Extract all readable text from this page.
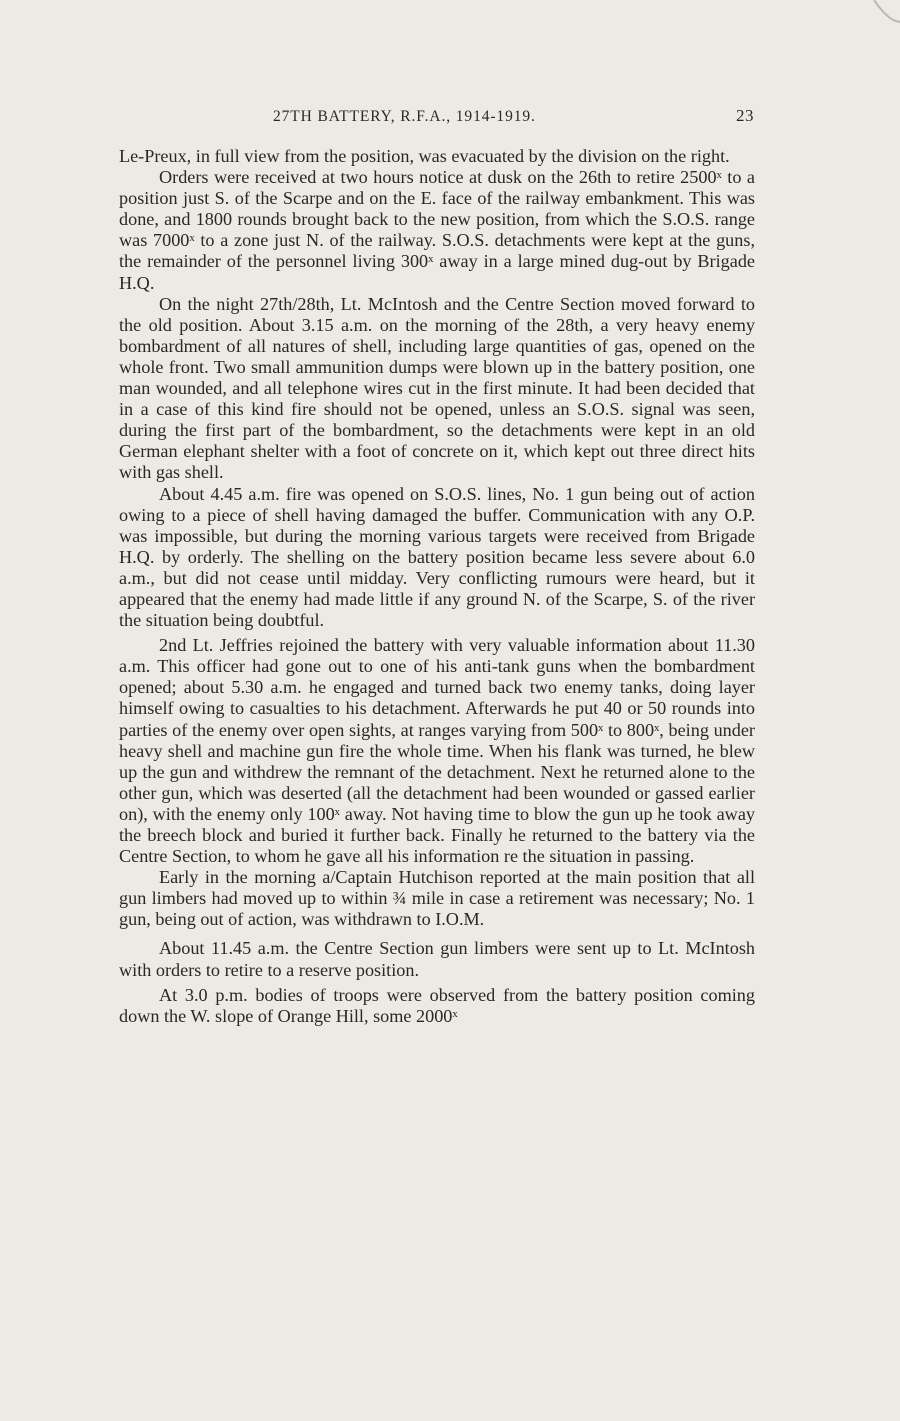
27TH BATTERY, R.F.A., 1914-1919.	23

Le-Preux, in full view from the position, was evacuated by the division on the right.

Orders were received at two hours notice at dusk on the 26th to retire 2500ˣ to a position just S. of the Scarpe and on the E. face of the railway embankment. This was done, and 1800 rounds brought back to the new position, from which the S.O.S. range was 7000ˣ to a zone just N. of the railway. S.O.S. detachments were kept at the guns, the remainder of the personnel living 300ˣ away in a large mined dug-out by Brigade H.Q.

On the night 27th/28th, Lt. McIntosh and the Centre Section moved forward to the old position. About 3.15 a.m. on the morning of the 28th, a very heavy enemy bombardment of all natures of shell, including large quantities of gas, opened on the whole front. Two small ammunition dumps were blown up in the battery position, one man wounded, and all telephone wires cut in the first minute. It had been decided that in a case of this kind fire should not be opened, unless an S.O.S. signal was seen, during the first part of the bombardment, so the detachments were kept in an old German elephant shelter with a foot of concrete on it, which kept out three direct hits with gas shell.

About 4.45 a.m. fire was opened on S.O.S. lines, No. 1 gun being out of action owing to a piece of shell having damaged the buffer. Communication with any O.P. was impossible, but during the morning various targets were received from Brigade H.Q. by orderly. The shelling on the battery position became less severe about 6.0 a.m., but did not cease until midday. Very conflicting rumours were heard, but it appeared that the enemy had made little if any ground N. of the Scarpe, S. of the river the situation being doubtful.

2nd Lt. Jeffries rejoined the battery with very valuable information about 11.30 a.m. This officer had gone out to one of his anti-tank guns when the bombardment opened; about 5.30 a.m. he engaged and turned back two enemy tanks, doing layer himself owing to casualties to his detachment. Afterwards he put 40 or 50 rounds into parties of the enemy over open sights, at ranges varying from 500ˣ to 800ˣ, being under heavy shell and machine gun fire the whole time. When his flank was turned, he blew up the gun and withdrew the remnant of the detachment. Next he returned alone to the other gun, which was deserted (all the detachment had been wounded or gassed earlier on), with the enemy only 100ˣ away. Not having time to blow the gun up he took away the breech block and buried it further back. Finally he returned to the battery via the Centre Section, to whom he gave all his information re the situation in passing.

Early in the morning a/Captain Hutchison reported at the main position that all gun limbers had moved up to within ¾ mile in case a retirement was necessary; No. 1 gun, being out of action, was withdrawn to I.O.M.

About 11.45 a.m. the Centre Section gun limbers were sent up to Lt. McIntosh with orders to retire to a reserve position.

At 3.0 p.m. bodies of troops were observed from the battery position coming down the W. slope of Orange Hill, some 2000ˣ
